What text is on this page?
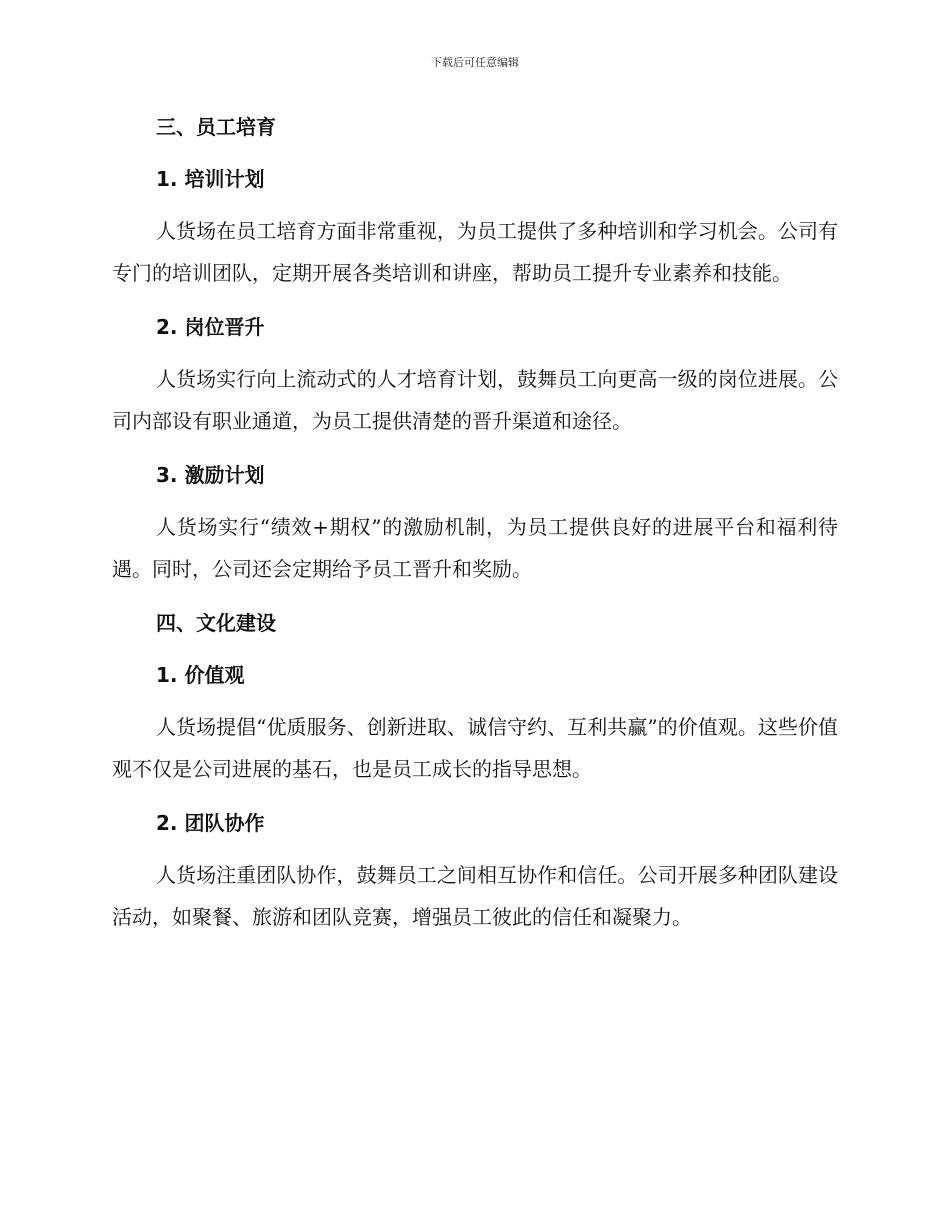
下载后可任意编辑
三、员工培育
1. 培训计划

人货场在员工培育方面非常重视，为员工提供了多种培训和学习机会。公司有专门的培训团队，定期开展各类培训和讲座，帮助员工提升专业素养和技能。

2. 岗位晋升

人货场实行向上流动式的人才培育计划，鼓舞员工向更高一级的岗位进展。公司内部设有职业通道，为员工提供清楚的晋升渠道和途径。

3. 激励计划

人货场实行“绩效+期权”的激励机制，为员工提供良好的进展平台和福利待遇。同时，公司还会定期给予员工晋升和奖励。

四、文化建设
1. 价值观

人货场提倡“优质服务、创新进取、诚信守约、互利共赢”的价值观。这些价值观不仅是公司进展的基石，也是员工成长的指导思想。

2. 团队协作

人货场注重团队协作，鼓舞员工之间相互协作和信任。公司开展多种团队建设活动，如聚餐、旅游和团队竞赛，增强员工彼此的信任和凝聚力。
